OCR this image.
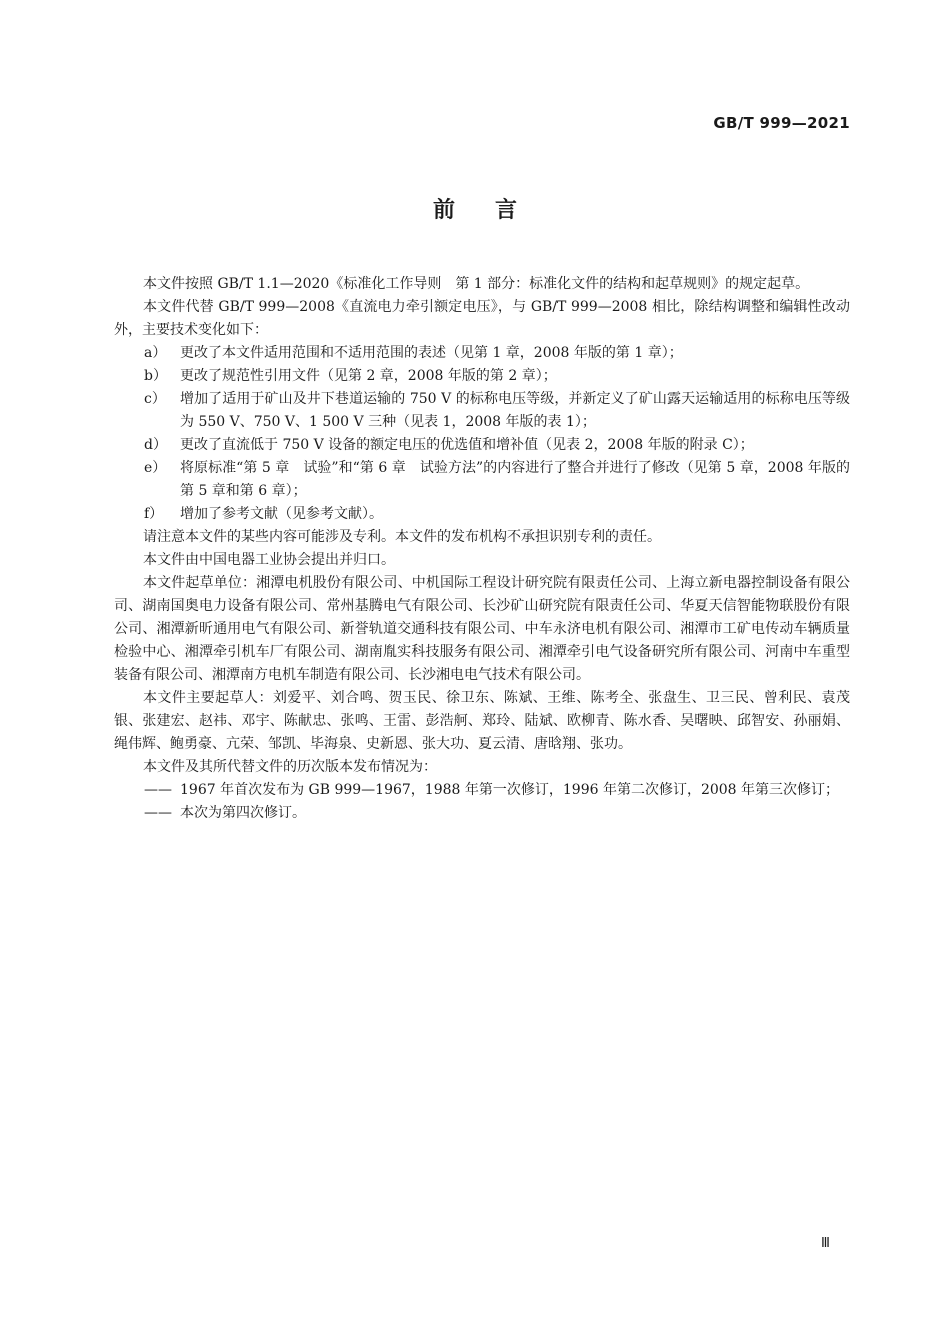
GB/T 999—2021
前言

本文件按照 GB/T 1.1—2020《标准化工作导则　第 1 部分：标准化文件的结构和起草规则》的规定起草。

本文件代替 GB/T 999—2008《直流电力牵引额定电压》，与 GB/T 999—2008 相比，除结构调整和编辑性改动外，主要技术变化如下：

a） 更改了本文件适用范围和不适用范围的表述（见第 1 章，2008 年版的第 1 章）；

b） 更改了规范性引用文件（见第 2 章，2008 年版的第 2 章）；

c） 增加了适用于矿山及井下巷道运输的 750 V 的标称电压等级，并新定义了矿山露天运输适用的标称电压等级为 550 V、750 V、1 500 V 三种（见表 1，2008 年版的表 1）；

d） 更改了直流低于 750 V 设备的额定电压的优选值和增补值（见表 2，2008 年版的附录 C）；

e） 将原标准“第 5 章　试验”和“第 6 章　试验方法”的内容进行了整合并进行了修改（见第 5 章，2008 年版的第 5 章和第 6 章）；

f） 增加了参考文献（见参考文献）。

请注意本文件的某些内容可能涉及专利。本文件的发布机构不承担识别专利的责任。

本文件由中国电器工业协会提出并归口。

本文件起草单位：湘潭电机股份有限公司、中机国际工程设计研究院有限责任公司、上海立新电器控制设备有限公司、湖南国奥电力设备有限公司、常州基腾电气有限公司、长沙矿山研究院有限责任公司、华夏天信智能物联股份有限公司、湘潭新昕通用电气有限公司、新誉轨道交通科技有限公司、中车永济电机有限公司、湘潭市工矿电传动车辆质量检验中心、湘潭牵引机车厂有限公司、湖南胤实科技服务有限公司、湘潭牵引电气设备研究所有限公司、河南中车重型装备有限公司、湘潭南方电机车制造有限公司、长沙湘电电气技术有限公司。

本文件主要起草人：刘爱平、刘合鸣、贺玉民、徐卫东、陈斌、王维、陈考全、张盘生、卫三民、曾利民、袁茂银、张建宏、赵祎、邓宇、陈献忠、张鸣、王雷、彭浩舸、郑玲、陆斌、欧柳青、陈水香、吴曙映、邱智安、孙丽娟、绳伟辉、鲍勇豪、亢荣、邹凯、毕海泉、史新恩、张大功、夏云清、唐晗翔、张功。

本文件及其所代替文件的历次版本发布情况为：

—— 1967 年首次发布为 GB 999—1967，1988 年第一次修订，1996 年第二次修订，2008 年第三次修订；

—— 本次为第四次修订。

Ⅲ
